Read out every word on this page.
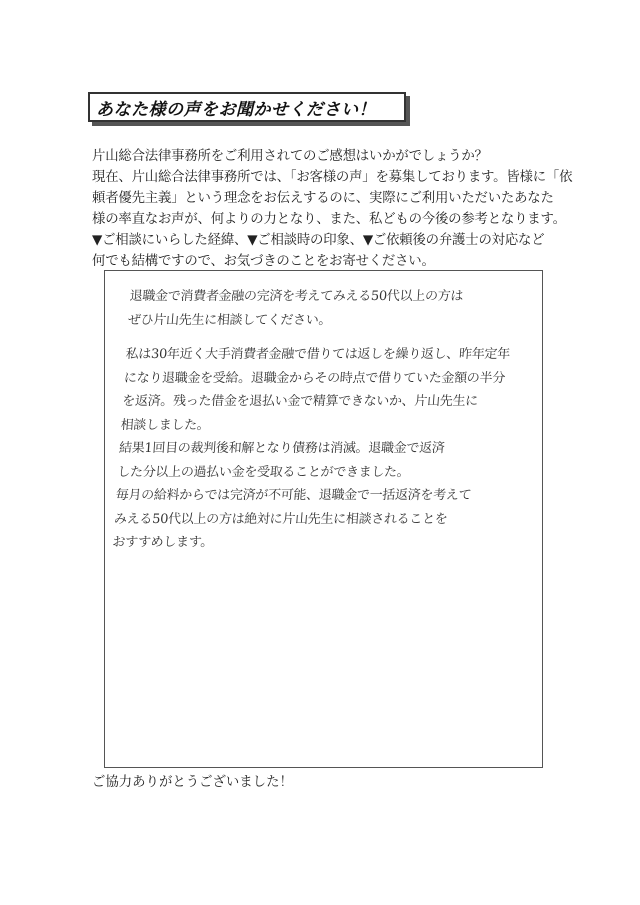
あなた様の声をお聞かせください！
片山総合法律事務所をご利用されてのご感想はいかがでしょうか？
現在、片山総合法律事務所では、「お客様の声」を募集しております。皆様に「依
頼者優先主義」という理念をお伝えするのに、実際にご利用いただいたあなた
様の率直なお声が、何よりの力となり、また、私どもの今後の参考となります。
▼ご相談にいらした経緯、▼ご相談時の印象、▼ご依頼後の弁護士の対応など
何でも結構ですので、お気づきのことをお寄せください。
退職金で消費者金融の完済を考えてみえる50代以上の方は
ぜひ片山先生に相談してください。
私は30年近く大手消費者金融で借りては返しを繰り返し、昨年定年
になり退職金を受給。退職金からその時点で借りていた金額の半分
を返済。残った借金を退払い金で精算できないか、片山先生に
相談しました。
結果1回目の裁判後和解となり債務は消滅。退職金で返済
した分以上の過払い金を受取ることができました。
毎月の給料からでは完済が不可能、退職金で一括返済を考えて
みえる50代以上の方は絶対に片山先生に相談されることを
おすすめします。
ご協力ありがとうございました！
